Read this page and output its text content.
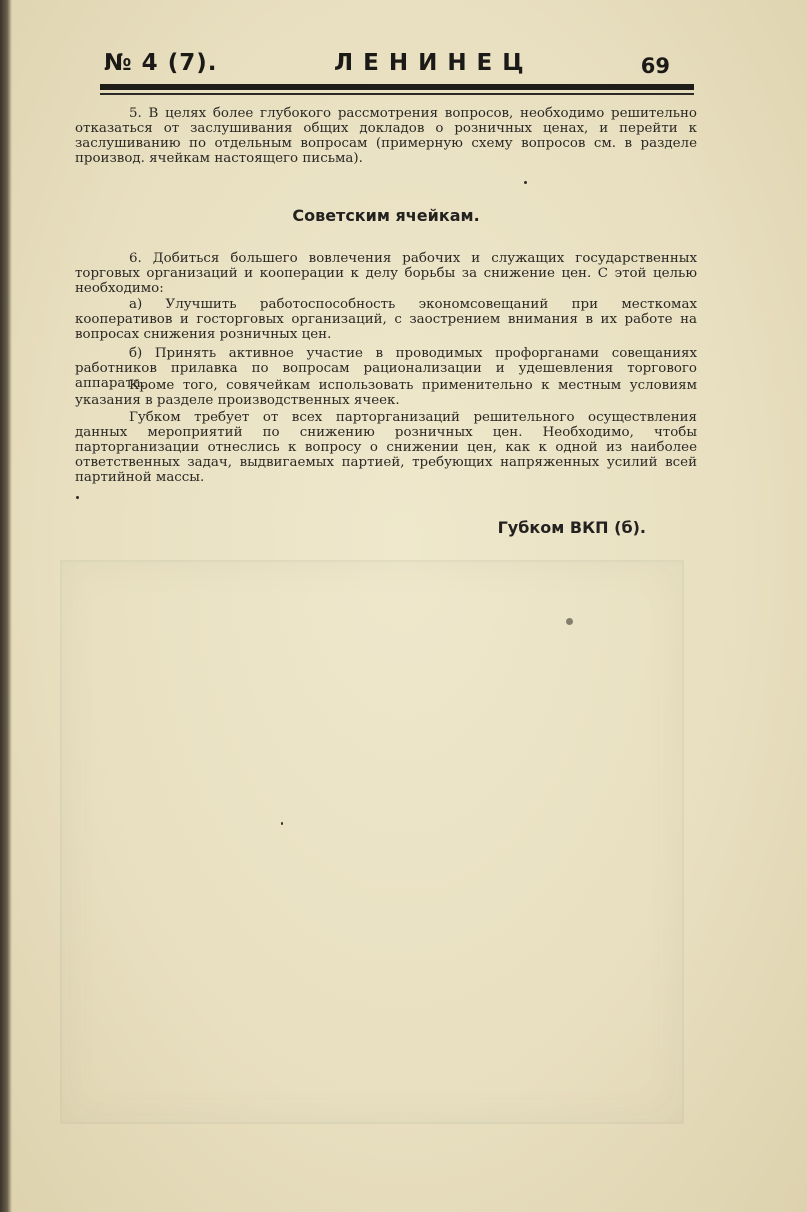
№ 4 (7).	ЛЕНИНЕЦ	69

5. В целях более глубокого рассмотрения вопросов, необходимо решительно отказаться от заслушивания общих докладов о розничных ценах, и перейти к заслушиванию по отдельным вопросам (примерную схему вопросов см. в разделе производ. ячейкам настоящего письма).

Советским ячейкам.

6. Добиться большего вовлечения рабочих и служащих государственных торговых организаций и кооперации к делу борьбы за снижение цен. С этой целью необходимо:

а) Улучшить работоспособность экономсовещаний при месткомах кооперативов и госторговых организаций, с заострением внимания в их работе на вопросах снижения розничных цен.

б) Принять активное участие в проводимых профорганами совещаниях работников прилавка по вопросам рационализации и удешевления торгового аппарата.

Кроме того, совячейкам использовать применительно к местным условиям указания в разделе производственных ячеек.

Губком требует от всех парторганизаций решительного осуществления данных мероприятий по снижению розничных цен. Необходимо, чтобы парторганизации отнеслись к вопросу о снижении цен, как к одной из наиболее ответственных задач, выдвигаемых партией, требующих напряженных усилий всей партийной массы.

Губком ВКП (б).
